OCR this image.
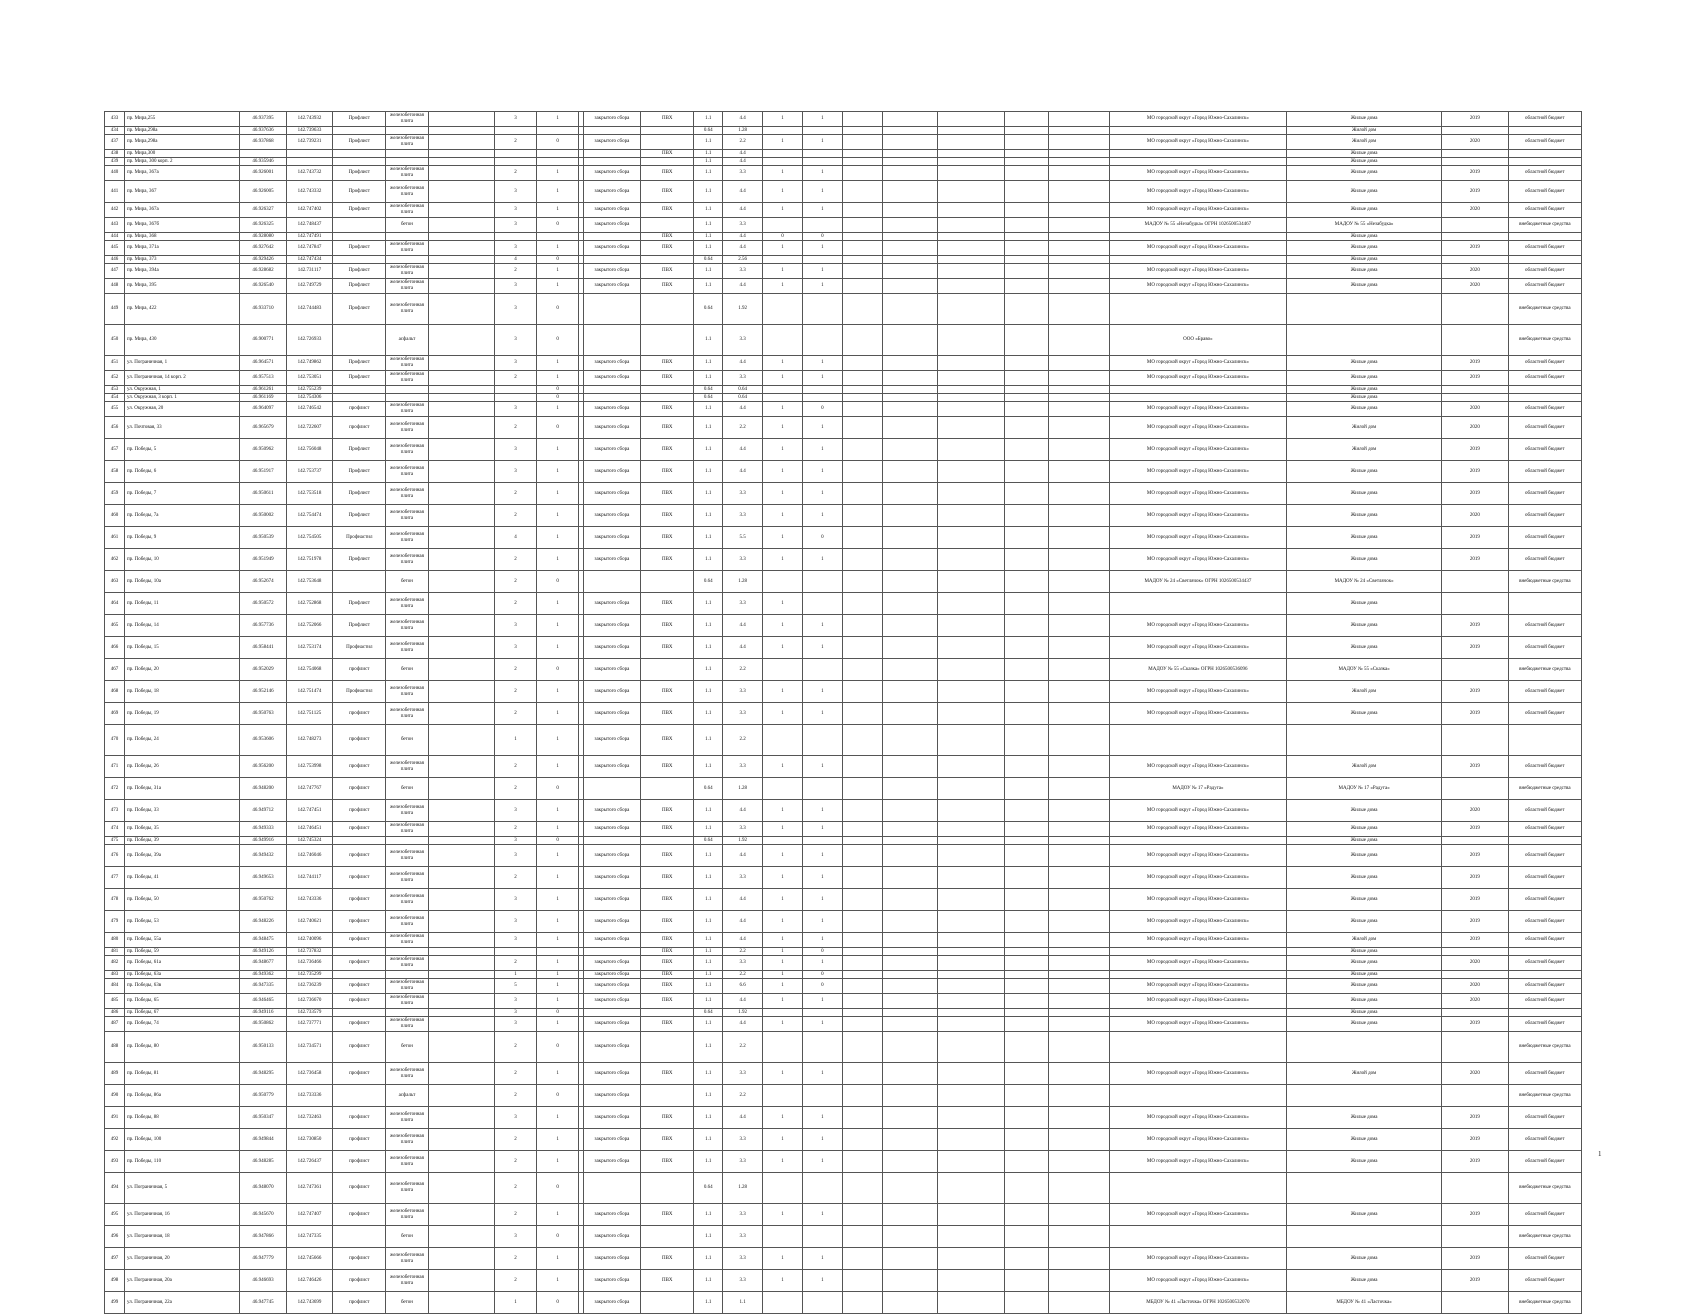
433	пр. Мира,255	46.937395	142.743932	Профлист	железобетонная плита		3	1		закрытого сбора	ПВХ	1.1	4.4	1	1						МО городской округ «Город Южно-Сахалинск»	Жилые дома	2019	областной бюджет
434	пр. Мира,298а	46.937636	142.739633									0.64	1.28									Жилой дом		
437	пр. Мира,298а	46.937868	142.739231	Профлист	железобетонная плита		2	0		закрытого сбора		1.1	2.2	1	1						МО городской округ «Город Южно-Сахалинск»	Жилой дом	2020	областной бюджет
438	пр. Мира,300										ПВХ	1.1	4.4									Жилые дома		
439	пр. Мира, 300 корп. 2	46.935946										1.1	4.4									Жилые дома		
440	пр. Мира, 367а	46.926001	142.743732	Профлист	железобетонная плита		2	1		закрытого сбора	ПВХ	1.1	3.3	1	1						МО городской округ «Город Южно-Сахалинск»	Жилые дома	2019	областной бюджет
441	пр. Мира, 367	46.926005	142.743332	Профлист	железобетонная плита		3	1		закрытого сбора	ПВХ	1.1	4.4	1	1						МО городской округ «Город Южно-Сахалинск»	Жилые дома	2019	областной бюджет
442	пр. Мира, 367а	46.926327	142.747402	Профлист	железобетонная плита		3	1		закрытого сбора	ПВХ	1.1	4.4	1	1						МО городской округ «Город Южно-Сахалинск»	Жилые дома	2020	областной бюджет
443	пр. Мира, 367б	46.926325	142.748437		бетон		3	0		закрытого сбора		1.1	3.3								МАДОУ № 55 «Незабудка» ОГРН 1026500534467	МАДОУ № 55 «Незабудка»		внебюджетные средства
444	пр. Мира, 368	46.928080	142.747491								ПВХ	1.1	4.4	0	0							Жилые дома		
445	пр. Мира, 371а	46.927642	142.747847	Профлист	железобетонная плита		3	1		закрытого сбора	ПВХ	1.1	4.4	1	1						МО городской округ «Город Южно-Сахалинск»	Жилые дома	2019	областной бюджет
446	пр. Мира, 373	46.929426	142.747434				4	0				0.64	2.56									Жилые дома		
447	пр. Мира, 394а	46.928682	142.731117	Профлист	железобетонная плита		2	1		закрытого сбора	ПВХ	1.1	3.3	1	1						МО городской округ «Город Южно-Сахалинск»	Жилые дома	2020	областной бюджет
448	пр. Мира, 395	46.926540	142.749729	Профлист	железобетонная плита		3	1		закрытого сбора	ПВХ	1.1	4.4	1	1						МО городской округ «Город Южно-Сахалинск»	Жилые дома	2020	областной бюджет
449	пр. Мира, 422	46.933710	142.744483	Профлист	железобетонная плита		3	0				0.64	1.92											внебюджетные средства
450	пр. Мира, 430	46.900771	142.726933		асфальт		3	0				1.1	3.3								ООО «Браво»			внебюджетные средства
451	ул. Пограничная, 1	46.964571	142.749862	Профлист	железобетонная плита		3	1		закрытого сбора	ПВХ	1.1	4.4	1	1						МО городской округ «Город Южно-Сахалинск»	Жилые дома	2019	областной бюджет
452	ул. Пограничная, 14 корп. 2	46.957513	142.753051	Профлист	железобетонная плита		2	1		закрытого сбора	ПВХ	1.1	3.3	1	1						МО городской округ «Город Южно-Сахалинск»	Жилые дома	2019	областной бюджет
453	ул. Окружная, 1	46.961261	142.755239					0				0.64	0.64									Жилые дома		
454	ул. Окружная, 3 корп. 1	46.961169	142.754306					0				0.64	0.64									Жилые дома		
455	ул. Окружная, 20	46.964097	142.746542	профлист	железобетонная плита		3	1		закрытого сбора	ПВХ	1.1	4.4	1	0						МО городской округ «Город Южно-Сахалинск»	Жилые дома	2020	областной бюджет
456	ул. Почтовая, 33	46.965679	142.722607	профлист	железобетонная плита		2	0		закрытого сбора	ПВХ	1.1	2.2	1	1						МО городской округ «Город Южно-Сахалинск»	Жилой дом	2020	областной бюджет
457	пр. Победы, 5	46.950962	142.756048	Профлист	железобетонная плита		3	1		закрытого сбора	ПВХ	1.1	4.4	1	1						МО городской округ «Город Южно-Сахалинск»	Жилой дом	2019	областной бюджет
458	пр. Победы, 6	46.951917	142.753737	Профлист	железобетонная плита		3	1		закрытого сбора	ПВХ	1.1	4.4	1	1						МО городской округ «Город Южно-Сахалинск»	Жилые дома	2019	областной бюджет
459	пр. Победы, 7	46.950611	142.753518	Профлист	железобетонная плита		2	1		закрытого сбора	ПВХ	1.1	3.3	1	1						МО городской округ «Город Южно-Сахалинск»	Жилые дома	2019	областной бюджет
460	пр. Победы, 7а	46.950002	142.754474	Профлист	железобетонная плита		2	1		закрытого сбора	ПВХ	1.1	3.3	1	1						МО городской округ «Город Южно-Сахалинск»	Жилые дома	2020	областной бюджет
461	пр. Победы, 9	46.950539	142.754505	Профнастил	железобетонная плита		4	1		закрытого сбора	ПВХ	1.1	5.5	1	0						МО городской округ «Город Южно-Сахалинск»	Жилые дома	2019	областной бюджет
462	пр. Победы, 10	46.951949	142.751978	Профлист	железобетонная плита		2	1		закрытого сбора	ПВХ	1.1	3.3	1	1						МО городской округ «Город Южно-Сахалинск»	Жилые дома	2019	областной бюджет
463	пр. Победы, 10а	46.952674	142.753648		бетон		2	0				0.64	1.28								МАДОУ № 24 «Светлячок» ОГРН 1026500534437	МАДОУ № 24 «Светлячок»		внебюджетные средства
464	пр. Победы, 11	46.950572	142.752868	Профлист	железобетонная плита		2	1		закрытого сбора	ПВХ	1.1	3.3	1								Жилые дома		
465	пр. Победы, 14	46.957736	142.752066	Профлист	железобетонная плита		3	1		закрытого сбора	ПВХ	1.1	4.4	1	1						МО городской округ «Город Южно-Сахалинск»	Жилые дома	2019	областной бюджет
466	пр. Победы, 15	46.958441	142.753174	Профнастил	железобетонная плита		3	1		закрытого сбора	ПВХ	1.1	4.4	1	1						МО городской округ «Город Южно-Сахалинск»	Жилые дома	2019	областной бюджет
467	пр. Победы, 20	46.952029	142.754068	профлист	бетон		2	0		закрытого сбора		1.1	2.2								МАДОУ № 55 «Сказка» ОГРН 1026500536096	МАДОУ № 55 «Сказка»		внебюджетные средства
468	пр. Победы, 18	46.952146	142.751474	Профнастил	железобетонная плита		2	1		закрытого сбора	ПВХ	1.1	3.3	1	1						МО городской округ «Город Южно-Сахалинск»	Жилой дом	2019	областной бюджет
469	пр. Победы, 19	46.950763	142.751125	профлист	железобетонная плита		2	1		закрытого сбора	ПВХ	1.1	3.3	1	1						МО городской округ «Город Южно-Сахалинск»	Жилые дома	2019	областной бюджет
470	пр. Победы, 24	46.953606	142.748273	профлист	бетон		1	1		закрытого сбора	ПВХ	1.1	2.2											
471	пр. Победы, 26	46.956200	142.753998	профлист	железобетонная плита		2	1		закрытого сбора	ПВХ	1.1	3.3	1	1						МО городской округ «Город Южно-Сахалинск»	Жилой дом	2019	областной бюджет
472	пр. Победы, 31а	46.948200	142.747767	профлист	бетон		2	0				0.64	1.28								МАДОУ № 17 «Радуга»	МАДОУ № 17 «Радуга»		внебюджетные средства
473	пр. Победы, 33	46.949712	142.747451	профлист	железобетонная плита		3	1		закрытого сбора	ПВХ	1.1	4.4	1	1						МО городской округ «Город Южно-Сахалинск»	Жилые дома	2020	областной бюджет
474	пр. Победы, 35	46.949333	142.746451	профлист	железобетонная плита		2	1		закрытого сбора	ПВХ	1.1	3.3	1	1						МО городской округ «Город Южно-Сахалинск»	Жилые дома	2019	областной бюджет
475	пр. Победы, 39	46.949916	142.745324				3	0				0.64	1.92									Жилые дома		
476	пр. Победы, 39а	46.949432	142.746046	профлист	железобетонная плита		3	1		закрытого сбора	ПВХ	1.1	4.4	1	1						МО городской округ «Город Южно-Сахалинск»	Жилые дома	2019	областной бюджет
477	пр. Победы, 41	46.949653	142.744117	профлист	железобетонная плита		2	1		закрытого сбора	ПВХ	1.1	3.3	1	1						МО городской округ «Город Южно-Сахалинск»	Жилые дома	2019	областной бюджет
478	пр. Победы, 50	46.950762	142.743336	профлист	железобетонная плита		3	1		закрытого сбора	ПВХ	1.1	4.4	1	1						МО городской округ «Город Южно-Сахалинск»	Жилые дома	2019	областной бюджет
479	пр. Победы, 53	46.948226	142.740621	профлист	железобетонная плита		3	1		закрытого сбора	ПВХ	1.1	4.4	1	1						МО городской округ «Город Южно-Сахалинск»	Жилые дома	2019	областной бюджет
480	пр. Победы, 55а	46.948475	142.740096	профлист	железобетонная плита		3	1		закрытого сбора	ПВХ	1.1	4.4	1	1						МО городской округ «Город Южно-Сахалинск»	Жилой дом	2019	областной бюджет
481	пр. Победы, 59	46.949126	142.737832								ПВХ	1.1	2.2	1	0							Жилые дома		
482	пр. Победы, 61а	46.948677	142.736466	профлист	железобетонная плита		2	1		закрытого сбора	ПВХ	1.1	3.3	1	1						МО городской округ «Город Южно-Сахалинск»	Жилые дома	2020	областной бюджет
483	пр. Победы, 63а	46.949362	142.735299				1	1		закрытого сбора	ПВХ	1.1	2.2	1	0							Жилые дома		
484	пр. Победы, 63в	46.947335	142.736239	профлист	железобетонная плита		5	1		закрытого сбора	ПВХ	1.1	6.6	1	0						МО городской округ «Город Южно-Сахалинск»	Жилые дома	2020	областной бюджет
485	пр. Победы, 65	46.946465	142.736670	профлист	железобетонная плита		3	1		закрытого сбора	ПВХ	1.1	4.4	1	1						МО городской округ «Город Южно-Сахалинск»	Жилые дома	2020	областной бюджет
486	пр. Победы, 67	46.949116	142.733579				3	0				0.64	1.92									Жилые дома		
487	пр. Победы, 74	46.950862	142.737771	профлист	железобетонная плита		3	1		закрытого сбора	ПВХ	1.1	4.4	1	1						МО городской округ «Город Южно-Сахалинск»	Жилые дома	2019	областной бюджет
488	пр. Победы, 80	46.950133	142.734571	профлист	бетон		2	0		закрытого сбора		1.1	2.2											внебюджетные средства
489	пр. Победы, 81	46.948295	142.736458	профлист	железобетонная плита		2	1		закрытого сбора	ПВХ	1.1	3.3	1	1						МО городской округ «Город Южно-Сахалинск»	Жилой дом	2020	областной бюджет
490	пр. Победы, 86а	46.950779	142.733336		асфальт		2	0		закрытого сбора		1.1	2.2											внебюджетные средства
491	пр. Победы, 88	46.950347	142.732463	профлист	железобетонная плита		3	1		закрытого сбора	ПВХ	1.1	4.4	1	1						МО городской округ «Город Южно-Сахалинск»	Жилые дома	2019	областной бюджет
492	пр. Победы, 100	46.949844	142.730850	профлист	железобетонная плита		2	1		закрытого сбора	ПВХ	1.1	3.3	1	1						МО городской округ «Город Южно-Сахалинск»	Жилые дома	2019	областной бюджет
493	пр. Победы, 110	46.948285	142.726437	профлист	железобетонная плита		2	1		закрытого сбора	ПВХ	1.1	3.3	1	1						МО городской округ «Город Южно-Сахалинск»	Жилые дома	2019	областной бюджет
494	ул. Пограничная, 5	46.948070	142.747361	профлист	железобетонная плита		2	0				0.64	1.28											внебюджетные средства
495	ул. Пограничная, 16	46.945670	142.747407	профлист	железобетонная плита		2	1		закрытого сбора	ПВХ	1.1	3.3	1	1						МО городской округ «Город Южно-Сахалинск»	Жилые дома	2019	областной бюджет
496	ул. Пограничная, 18	46.947866	142.747335		бетон		3	0		закрытого сбора		1.1	3.3											внебюджетные средства
497	ул. Пограничная, 20	46.947779	142.745666	профлист	железобетонная плита		2	1		закрытого сбора	ПВХ	1.1	3.3	1	1						МО городской округ «Город Южно-Сахалинск»	Жилые дома	2019	областной бюджет
498	ул. Пограничная, 20а	46.946693	142.746426	профлист	железобетонная плита		2	1		закрытого сбора	ПВХ	1.1	3.3	1	1						МО городской округ «Город Южно-Сахалинск»	Жилые дома	2019	областной бюджет
499	ул. Пограничная, 22а	46.947745	142.743699	профлист	бетон		1	0		закрытого сбора		1.1	1.1								МБДОУ № 41 «Ласточка» ОГРН 1026500532070	МБДОУ № 41 «Ласточка»		внебюджетные средства
1
